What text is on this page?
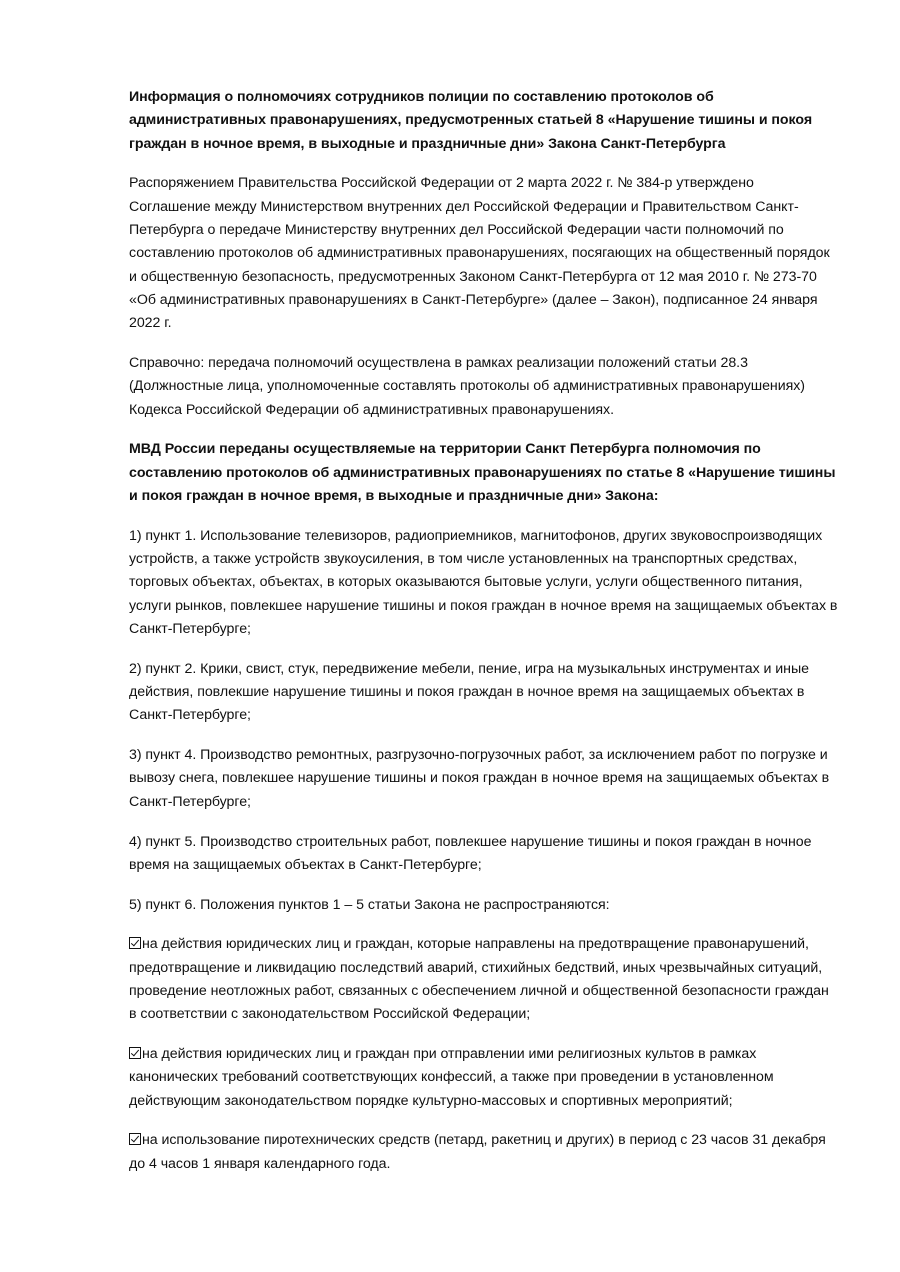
Информация о полномочиях сотрудников полиции по составлению протоколов об административных правонарушениях, предусмотренных статьей 8 «Нарушение тишины и покоя граждан в ночное время, в выходные и праздничные дни» Закона Санкт-Петербурга

Распоряжением Правительства Российской Федерации от 2 марта 2022 г. № 384-р утверждено Соглашение между Министерством внутренних дел Российской Федерации и Правительством Санкт-Петербурга о передаче Министерству внутренних дел Российской Федерации части полномочий по составлению протоколов об административных правонарушениях, посягающих на общественный порядок и общественную безопасность, предусмотренных Законом Санкт-Петербурга от 12 мая 2010 г. № 273-70 «Об административных правонарушениях в Санкт-Петербурге» (далее – Закон), подписанное 24 января 2022 г.

Справочно: передача полномочий осуществлена в рамках реализации положений статьи 28.3 (Должностные лица, уполномоченные составлять протоколы об административных правонарушениях) Кодекса Российской Федерации об административных правонарушениях.

МВД России переданы осуществляемые на территории Санкт Петербурга полномочия по составлению протоколов об административных правонарушениях по статье 8 «Нарушение тишины и покоя граждан в ночное время, в выходные и праздничные дни» Закона:

1) пункт 1. Использование телевизоров, радиоприемников, магнитофонов, других звуковоспроизводящих устройств, а также устройств звукоусиления, в том числе установленных на транспортных средствах, торговых объектах, объектах, в которых оказываются бытовые услуги, услуги общественного питания, услуги рынков, повлекшее нарушение тишины и покоя граждан в ночное время на защищаемых объектах в Санкт-Петербурге;

2) пункт 2. Крики, свист, стук, передвижение мебели, пение, игра на музыкальных инструментах и иные действия, повлекшие нарушение тишины и покоя граждан в ночное время на защищаемых объектах в Санкт-Петербурге;

3) пункт 4. Производство ремонтных, разгрузочно-погрузочных работ, за исключением работ по погрузке и вывозу снега, повлекшее нарушение тишины и покоя граждан в ночное время на защищаемых объектах в Санкт-Петербурге;

4) пункт 5. Производство строительных работ, повлекшее нарушение тишины и покоя граждан в ночное время на защищаемых объектах в Санкт-Петербурге;

5) пункт 6. Положения пунктов 1 – 5 статьи Закона не распространяются:

на действия юридических лиц и граждан, которые направлены на предотвращение правонарушений, предотвращение и ликвидацию последствий аварий, стихийных бедствий, иных чрезвычайных ситуаций, проведение неотложных работ, связанных с обеспечением личной и общественной безопасности граждан в соответствии с законодательством Российской Федерации;

на действия юридических лиц и граждан при отправлении ими религиозных культов в рамках канонических требований соответствующих конфессий, а также при проведении в установленном действующим законодательством порядке культурно-массовых и спортивных мероприятий;

на использование пиротехнических средств (петард, ракетниц и других) в период с 23 часов 31 декабря до 4 часов 1 января календарного года.
